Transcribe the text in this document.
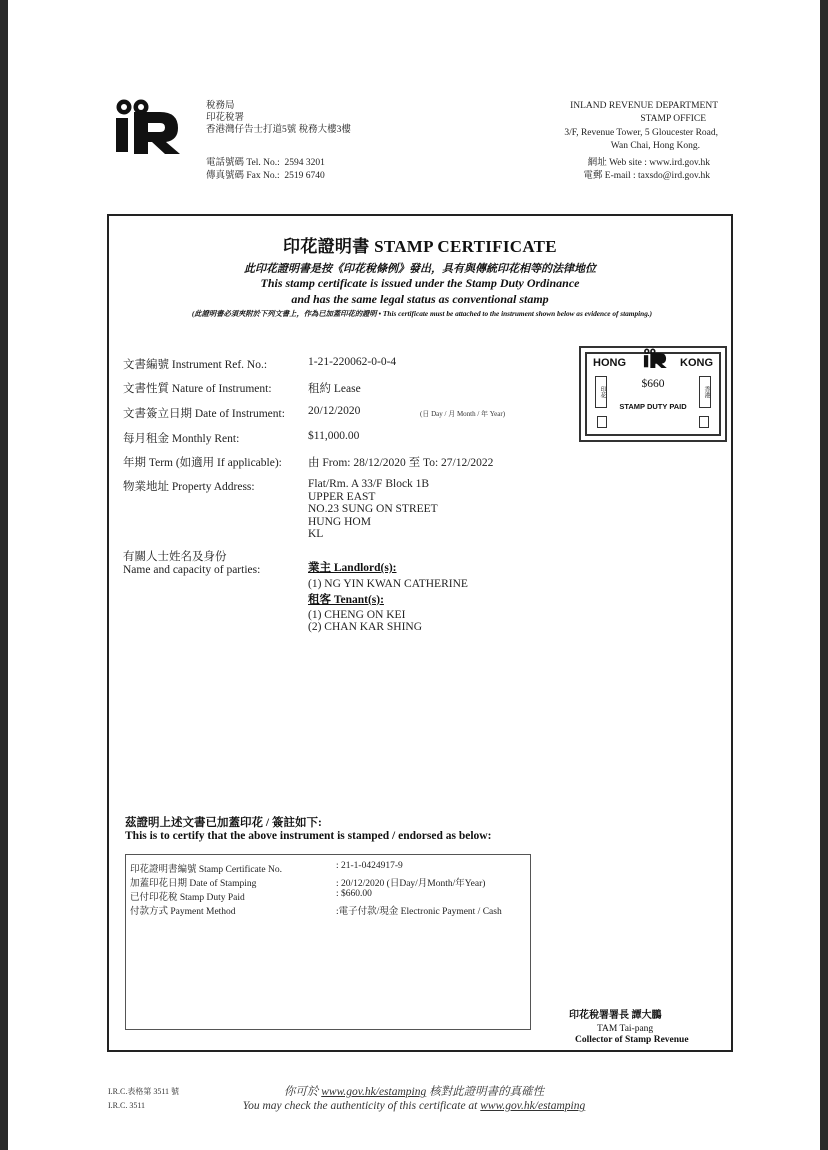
稅務局
印花稅署
香港灣仔告士打道5號 稅務大樓3樓
電話號碼 Tel. No.: 2594 3201
傳真號碼 Fax No.: 2519 6740
INLAND REVENUE DEPARTMENT
STAMP OFFICE
3/F, Revenue Tower, 5 Gloucester Road,
Wan Chai, Hong Kong.
網址 Web site : www.ird.gov.hk
電郵 E-mail : taxsdo@ird.gov.hk
印花證明書 STAMP CERTIFICATE
此印花證明書是按《印花稅條例》發出，具有與傳統印花相等的法律地位
This stamp certificate is issued under the Stamp Duty Ordinance
and has the same legal status as conventional stamp
(此證明書必須夾附於下列文書上，作為已加蓋印花的證明 • This certificate must be attached to the instrument shown below as evidence of stamping.)
文書編號 Instrument Ref. No.:	1-21-220062-0-0-4
文書性質 Nature of Instrument:	租約 Lease
文書簽立日期 Date of Instrument: 20/12/2020	(日 Day / 月 Month / 年 Year)
每月租金 Monthly Rent:	$11,000.00
年期 Term (如適用 If applicable): 由 From: 28/12/2020 至 To: 27/12/2022
物業地址 Property Address:	Flat/Rm. A 33/F Block 1B
UPPER EAST
NO.23 SUNG ON STREET
HUNG HOM
KL
有關人士姓名及身份
Name and capacity of parties:	業主 Landlord(s):
(1) NG YIN KWAN CATHERINE
租客 Tenant(s):
(1) CHENG ON KEI
(2) CHAN KAR SHING
HONG	KONG
印花	香港
$660
STAMP DUTY PAID
茲證明上述文書已加蓋印花 / 簽註如下:
This is to certify that the above instrument is stamped / endorsed as below:
印花證明書編號 Stamp Certificate No.	: 21-1-0424917-9
加蓋印花日期 Date of Stamping	: 20/12/2020 (日Day/月Month/年Year)
已付印花稅 Stamp Duty Paid	: $660.00
付款方式 Payment Method	:電子付款/現金 Electronic Payment / Cash
印花稅署署長 譚大鵬
TAM Tai-pang
Collector of Stamp Revenue
I.R.C.表格第 3511 號
I.R.C. 3511
你可於 www.gov.hk/estamping 核對此證明書的真確性
You may check the authenticity of this certificate at www.gov.hk/estamping
